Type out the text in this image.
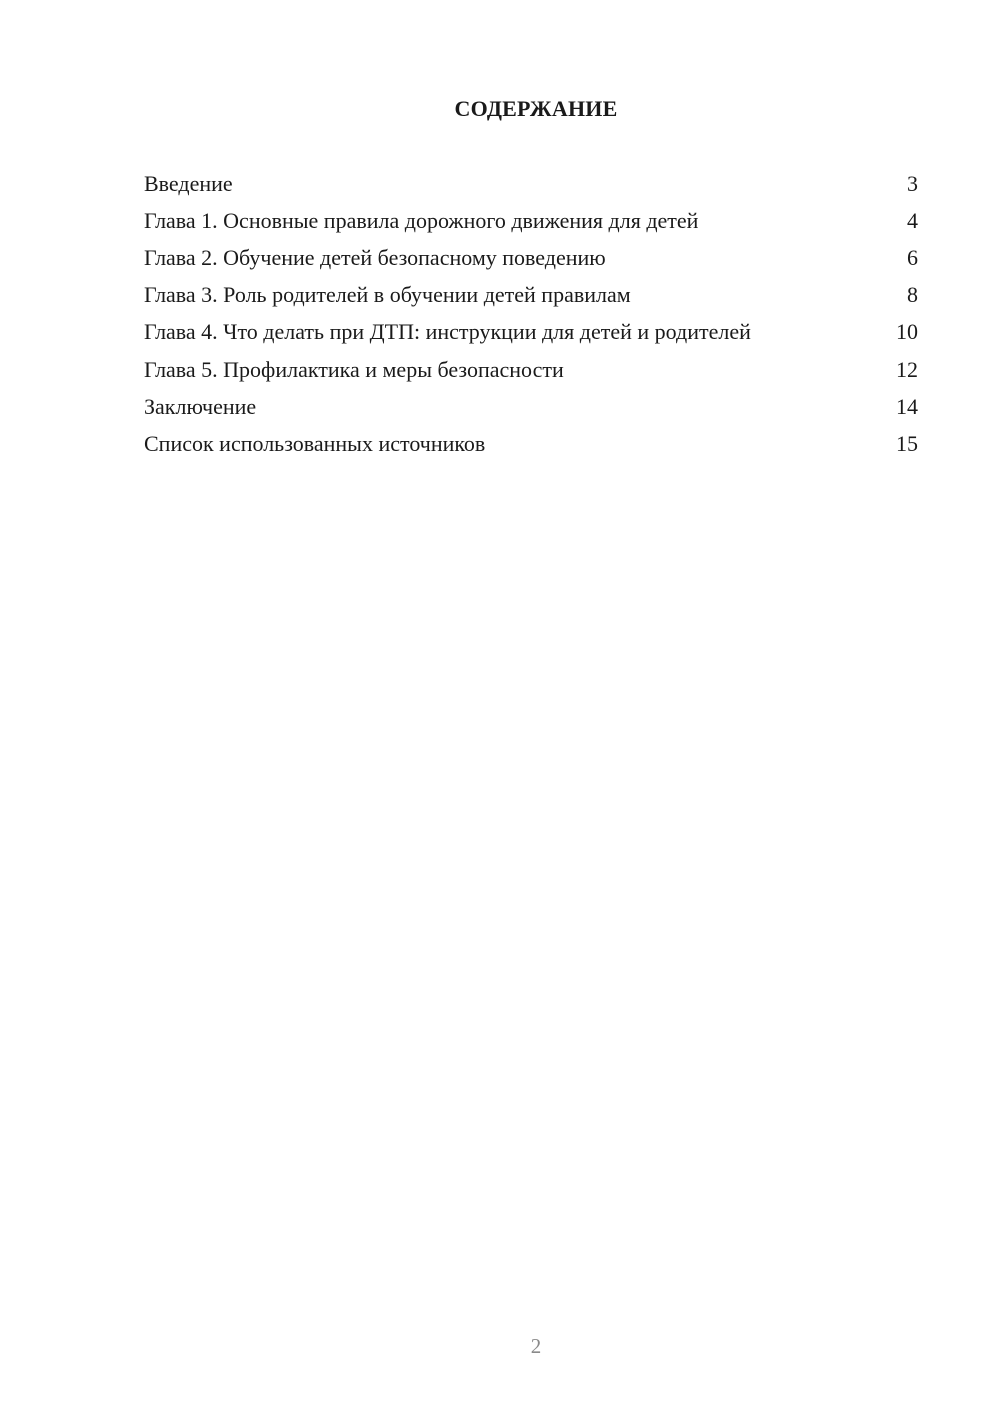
СОДЕРЖАНИЕ
Введение	3
Глава 1. Основные правила дорожного движения для детей	4
Глава 2. Обучение детей безопасному поведению	6
Глава 3. Роль родителей в обучении детей правилам	8
Глава 4. Что делать при ДТП: инструкции для детей и родителей	10
Глава 5. Профилактика и меры безопасности	12
Заключение	14
Список использованных источников	15
2
